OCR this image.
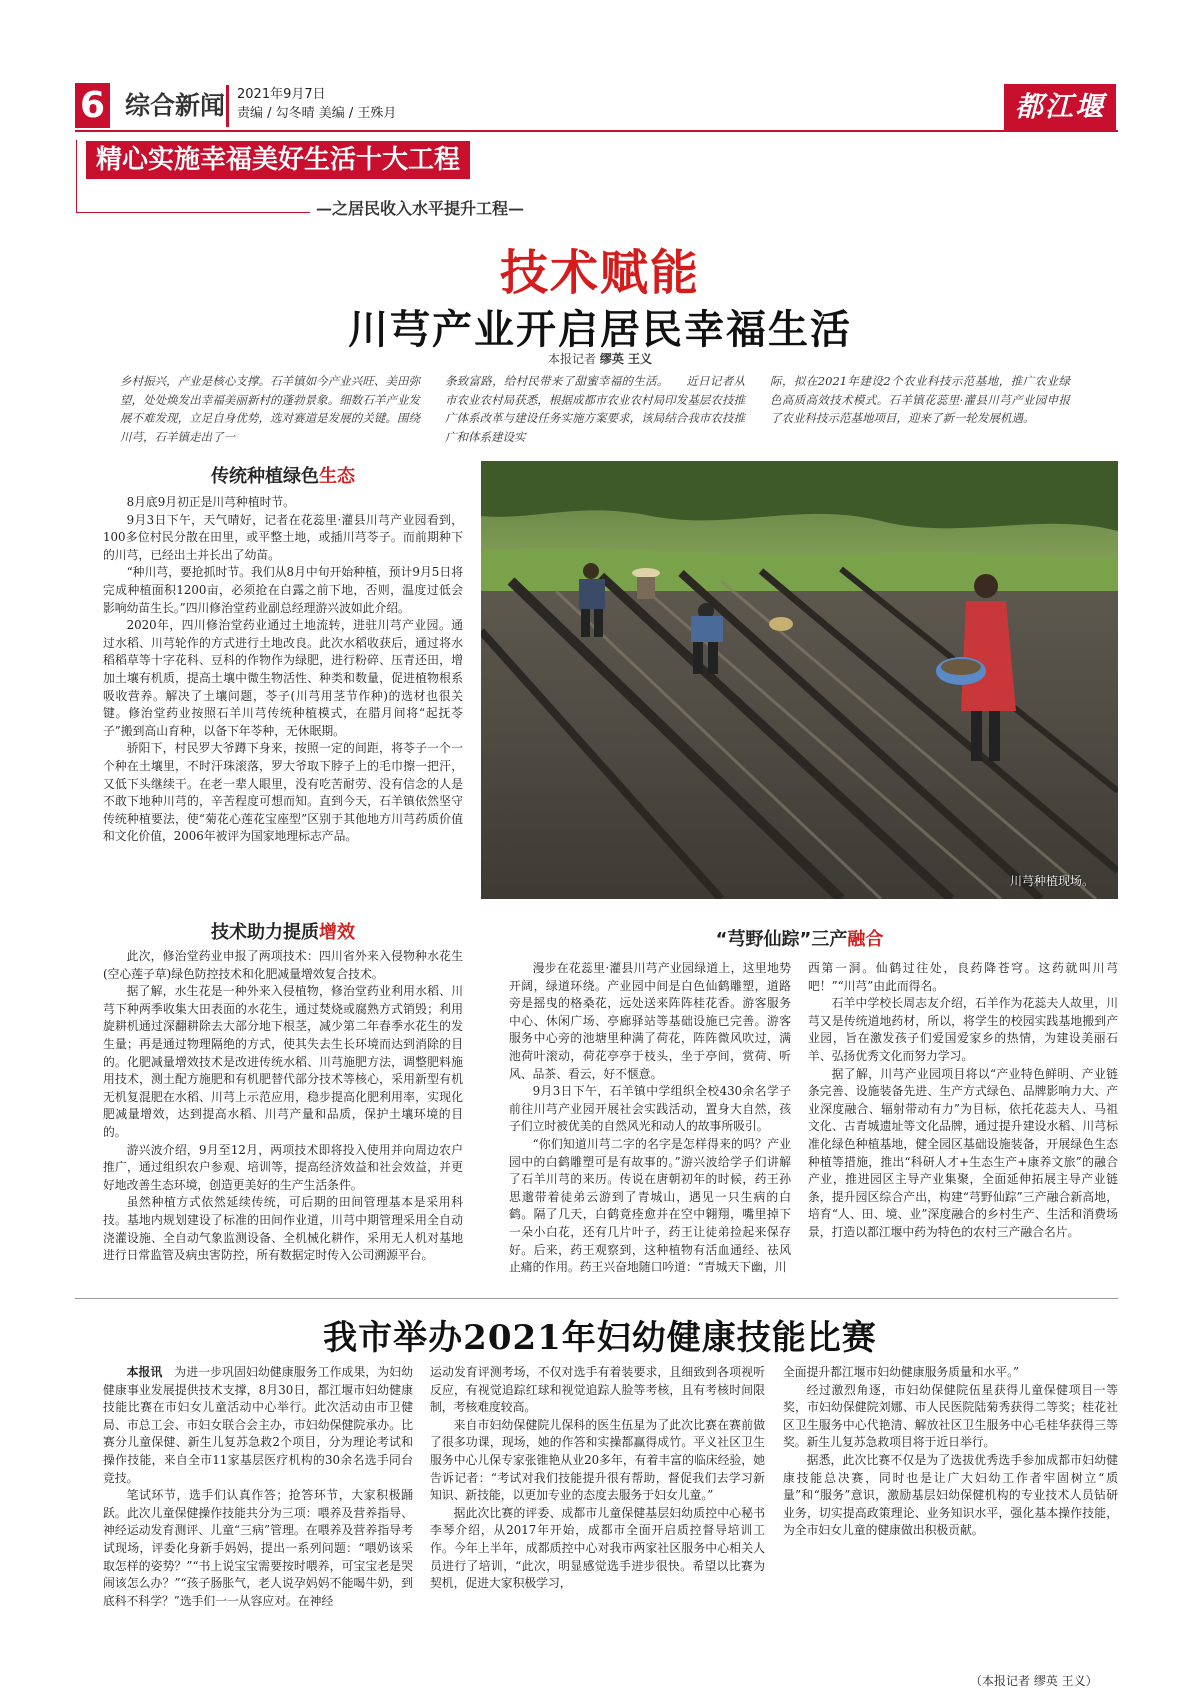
6 综合新闻 2021年9月7日
责编 / 勾冬晴 美编 / 王殊月	都江堰报
精心实施幸福美好生活十大工程
—之居民收入水平提升工程—
技术赋能
川芎产业开启居民幸福生活
本报记者 缪英 王义
乡村振兴，产业是核心支撑。石羊镇如今产业兴旺、美田弥望，处处焕发出幸福美丽新村的蓬勃景象。细数石羊产业发展不难发现，立足自身优势，选对赛道是发展的关键。围绕川芎，石羊镇走出了一
条致富路，给村民带来了甜蜜幸福的生活。　　近日记者从市农业农村局获悉，根据成都市农业农村局印发基层农技推广体系改革与建设任务实施方案要求，该局结合我市农技推广和体系建设实
际，拟在2021年建设2个农业科技示范基地，推广农业绿色高质高效技术模式。石羊镇花蕊里·灌县川芎产业园申报了农业科技示范基地项目，迎来了新一轮发展机遇。
传统种植绿色生态

8月底9月初正是川芎种植时节。

9月3日下午，天气晴好，记者在花蕊里·灌县川芎产业园看到，100多位村民分散在田里，或平整土地，或插川芎苓子。而前期种下的川芎，已经出土并长出了幼苗。

“种川芎，要抢抓时节。我们从8月中旬开始种植，预计9月5日将完成种植面积1200亩，必须抢在白露之前下地，否则，温度过低会影响幼苗生长。”四川修治堂药业副总经理游兴波如此介绍。

2020年，四川修治堂药业通过土地流转，进驻川芎产业园。通过水稻、川芎轮作的方式进行土地改良。此次水稻收获后，通过将水稻稻草等十字花科、豆科的作物作为绿肥，进行粉碎、压青还田，增加土壤有机质，提高土壤中微生物活性、种类和数量，促进植物根系吸收营养。解决了土壤问题，苓子(川芎用茎节作种)的选材也很关键。修治堂药业按照石羊川芎传统种植模式，在腊月间将“起抚苓子”搬到高山育种，以备下年苓种，无休眠期。

骄阳下，村民罗大爷蹲下身来，按照一定的间距，将苓子一个一个种在土壤里，不时汗珠滚落，罗大爷取下脖子上的毛巾擦一把汗，又低下头继续干。在老一辈人眼里，没有吃苦耐劳、没有信念的人是不敢下地种川芎的，辛苦程度可想而知。直到今天，石羊镇依然坚守传统种植要法，使“菊花心莲花宝座型”区别于其他地方川芎药质价值和文化价值，2006年被评为国家地理标志产品。

川芎种植现场。
技术助力提质增效

此次，修治堂药业申报了两项技术：四川省外来入侵物种水花生(空心莲子草)绿色防控技术和化肥减量增效复合技术。

据了解，水生花是一种外来入侵植物，修治堂药业利用水稻、川芎下种两季收集大田表面的水花生，通过焚烧或腐熟方式销毁；利用旋耕机通过深翻耕除去大部分地下根茎，减少第二年春季水花生的发生量；再是通过物理隔绝的方式，使其失去生长环境而达到消除的目的。化肥减量增效技术是改进传统水稻、川芎施肥方法，调整肥料施用技术，测土配方施肥和有机肥替代部分技术等核心，采用新型有机无机复混肥在水稻、川芎上示范应用，稳步提高化肥利用率，实现化肥减量增效，达到提高水稻、川芎产量和品质，保护土壤环境的目的。

游兴波介绍，9月至12月，两项技术即将投入使用并向周边农户推广，通过组织农户参观、培训等，提高经济效益和社会效益，并更好地改善生态环境，创造更美好的生产生活条件。

虽然种植方式依然延续传统，可后期的田间管理基本是采用科技。基地内规划建设了标准的田间作业道，川芎中期管理采用全自动浇灌设施、全自动气象监测设备、全机械化耕作，采用无人机对基地进行日常监管及病虫害防控，所有数据定时传入公司溯源平台。

“芎野仙踪”三产融合

漫步在花蕊里·灌县川芎产业园绿道上，这里地势开阔，绿道环绕。产业园中间是白色仙鹤雕塑，道路旁是摇曳的格桑花，远处送来阵阵桂花香。游客服务中心、休闲广场、亭廊驿站等基础设施已完善。游客服务中心旁的池塘里种满了荷花，阵阵微风吹过，满池荷叶滚动，荷花亭亭于枝头，坐于亭间，赏荷、听风、品茶、看云，好不惬意。

9月3日下午，石羊镇中学组织全校430余名学子前往川芎产业园开展社会实践活动，置身大自然，孩子们立时被优美的自然风光和动人的故事所吸引。

“你们知道川芎二字的名字是怎样得来的吗？产业园中的白鹤雕塑可是有故事的。”游兴波给学子们讲解了石羊川芎的来历。传说在唐朝初年的时候，药王孙思邈带着徒弟云游到了青城山，遇见一只生病的白鹤。隔了几天，白鹤竟痊愈并在空中翱翔，嘴里掉下一朵小白花，还有几片叶子，药王让徒弟捡起来保存好。后来，药王观察到，这种植物有活血通经、祛风止痛的作用。药王兴奋地随口吟道：“青城天下幽，川

西第一洞。仙鹤过往处，良药降苍穹。这药就叫川芎吧！”“川芎”由此而得名。

石羊中学校长周志友介绍，石羊作为花蕊夫人故里，川芎又是传统道地药材，所以，将学生的校园实践基地搬到产业园，旨在激发孩子们爱国爱家乡的热情，为建设美丽石羊、弘扬优秀文化而努力学习。

据了解，川芎产业园项目将以“产业特色鲜明、产业链条完善、设施装备先进、生产方式绿色、品牌影响力大、产业深度融合、辐射带动有力”为目标，依托花蕊夫人、马祖文化、古青城遗址等文化品牌，通过提升建设水稻、川芎标准化绿色种植基地，健全园区基础设施装备，开展绿色生态种植等措施，推出“科研人才+生态生产+康养文旅”的融合产业，推进园区主导产业集聚，全面延伸拓展主导产业链条，提升园区综合产出，构建“芎野仙踪”三产融合新高地，培育“人、田、境、业”深度融合的乡村生产、生活和消费场景，打造以都江堰中药为特色的农村三产融合名片。

我市举办2021年妇幼健康技能比赛

本报讯　 为进一步巩固妇幼健康服务工作成果，为妇幼健康事业发展提供技术支撑，8月30日，都江堰市妇幼健康技能比赛在市妇女儿童活动中心举行。此次活动由市卫健局、市总工会、市妇女联合会主办，市妇幼保健院承办。比赛分儿童保健、新生儿复苏急救2个项目，分为理论考试和操作技能，来自全市11家基层医疗机构的30余名选手同台竞技。

笔试环节，选手们认真作答；抢答环节，大家积极踊跃。此次儿童保健操作技能共分为三项：喂养及营养指导、神经运动发育测评、儿童“三病”管理。在喂养及营养指导考试现场，评委化身新手妈妈，提出一系列问题：“喂奶该采取怎样的姿势？”“书上说宝宝需要按时喂养，可宝宝老是哭闹该怎么办？”“孩子肠胀气，老人说孕妈妈不能喝牛奶，到底科不科学？”选手们一一从容应对。在神经

运动发育评测考场，不仅对选手有着装要求，且细致到各项视听反应，有视觉追踪红球和视觉追踪人脸等考核，且有考核时间限制，考核难度较高。

来自市妇幼保健院儿保科的医生伍星为了此次比赛在赛前做了很多功课，现场，她的作答和实操都赢得成竹。平义社区卫生服务中心儿保专家张锥艳从业20多年，有着丰富的临床经验，她告诉记者：“考试对我们技能提升很有帮助，督促我们去学习新知识、新技能，以更加专业的态度去服务于妇女儿童。”

据此次比赛的评委、成都市儿童保健基层妇幼质控中心秘书李琴介绍，从2017年开始，成都市全面开启质控督导培训工作。今年上半年，成都质控中心对我市两家社区服务中心相关人员进行了培训，“此次，明显感觉选手进步很快。希望以比赛为契机，促进大家积极学习，

全面提升都江堰市妇幼健康服务质量和水平。”

经过激烈角逐，市妇幼保健院伍星获得儿童保健项目一等奖，市妇幼保健院刘娜、市人民医院陆菊秀获得二等奖；桂花社区卫生服务中心代艳清、解放社区卫生服务中心毛桂华获得三等奖。新生儿复苏急救项目将于近日举行。

据悉，此次比赛不仅是为了选拔优秀选手参加成都市妇幼健康技能总决赛，同时也是让广大妇幼工作者牢固树立“质量”和“服务”意识，激励基层妇幼保健机构的专业技术人员钻研业务，切实提高政策理论、业务知识水平，强化基本操作技能，为全市妇女儿童的健康做出积极贡献。

（本报记者 缪英 王义）
